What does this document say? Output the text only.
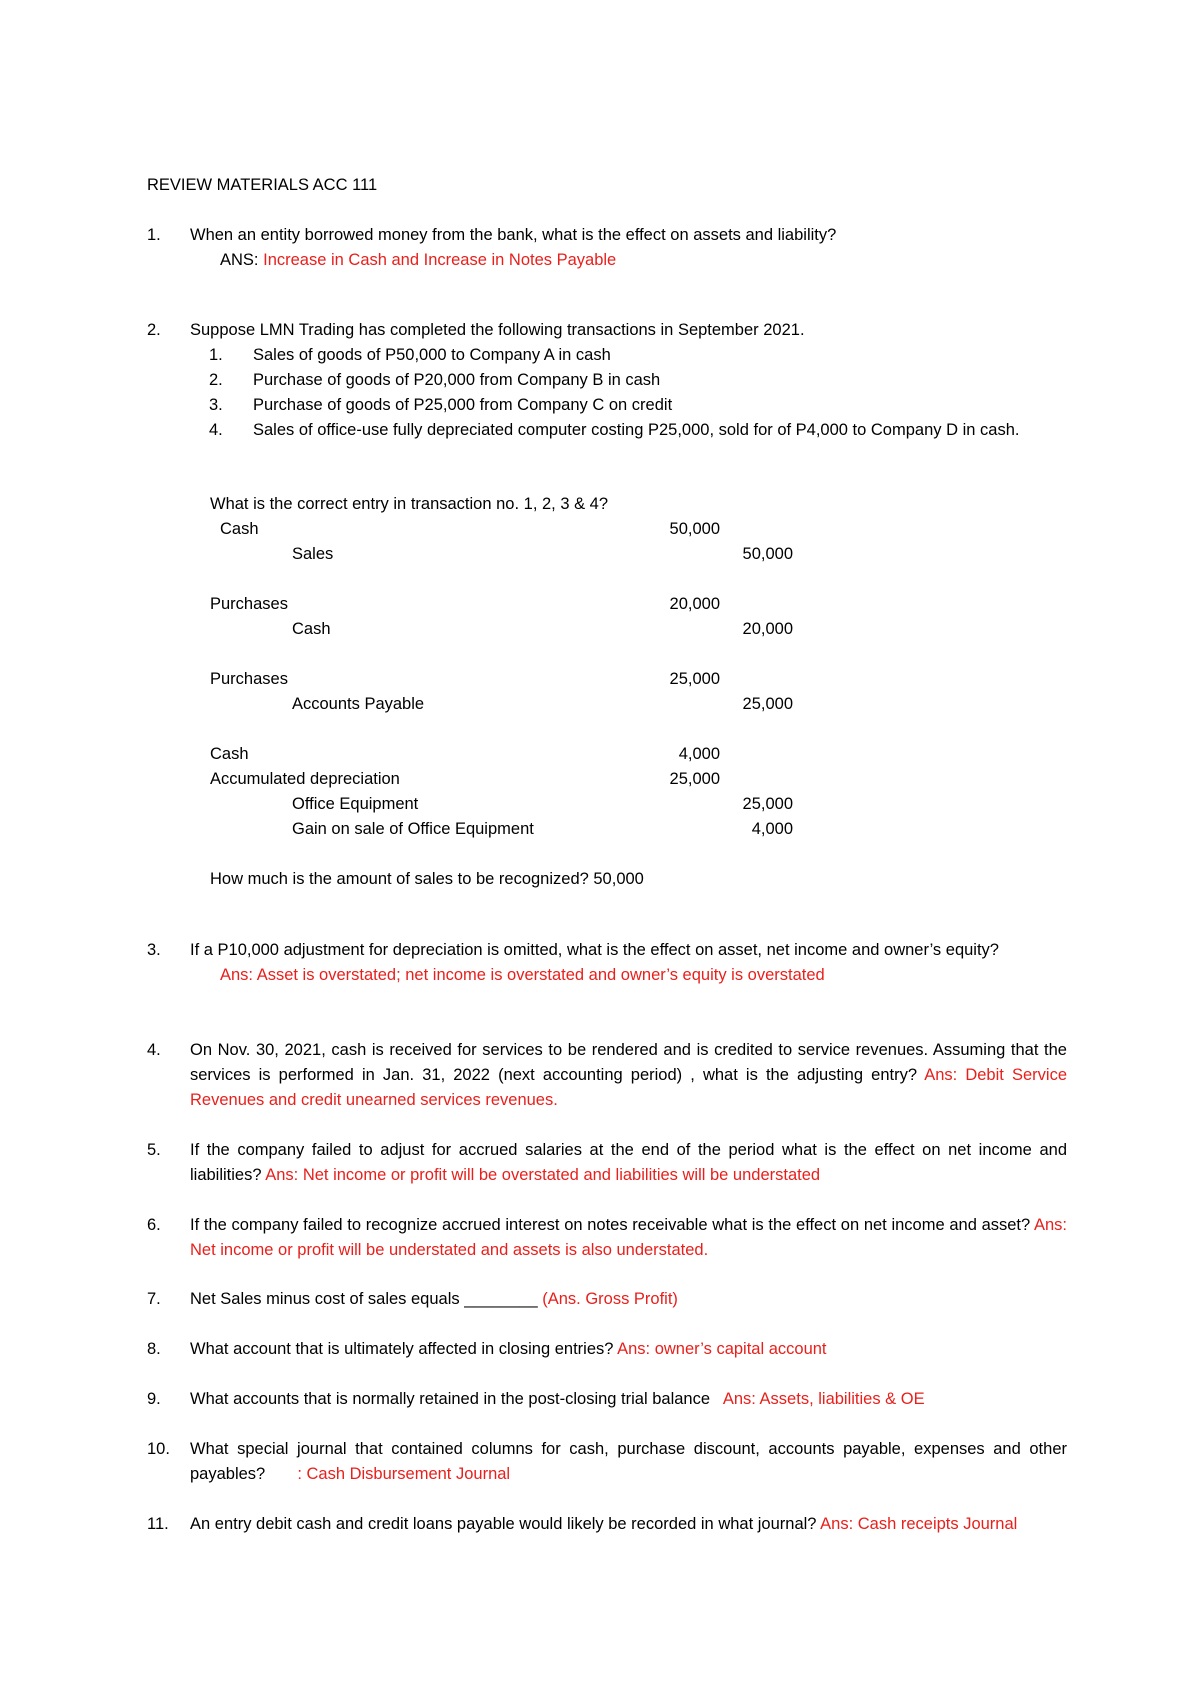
REVIEW MATERIALS ACC 111
1.	When an entity borrowed money from the bank, what is the effect on assets and liability?
ANS: Increase in Cash and Increase in Notes Payable
2.	Suppose LMN Trading has completed the following transactions in September 2021.
1. Sales of goods of P50,000 to Company A in cash
2. Purchase of goods of P20,000 from Company B in cash
3. Purchase of goods of P25,000 from Company C on credit
4. Sales of office-use fully depreciated computer costing P25,000, sold for of P4,000 to Company D in cash.
What is the correct entry in transaction no. 1, 2, 3 & 4?
Cash	50,000
Sales	50,000
Purchases	20,000
Cash	20,000
Purchases	25,000
Accounts Payable	25,000
Cash	4,000
Accumulated depreciation	25,000
Office Equipment	25,000
Gain on sale of Office Equipment	4,000
How much is the amount of sales to be recognized? 50,000
3.	If a P10,000 adjustment for depreciation is omitted, what is the effect on asset, net income and owner’s equity?
Ans: Asset is overstated; net income is overstated and owner’s equity is overstated
4.	On Nov. 30, 2021, cash is received for services to be rendered and is credited to service revenues. Assuming that the services is performed in Jan. 31, 2022 (next accounting period) , what is the adjusting entry? Ans: Debit Service Revenues and credit unearned services revenues.
5.	If the company failed to adjust for accrued salaries at the end of the period what is the effect on net income and liabilities? Ans: Net income or profit will be overstated and liabilities will be understated
6.	If the company failed to recognize accrued interest on notes receivable what is the effect on net income and asset? Ans: Net income or profit will be understated and assets is also understated.
7.	Net Sales minus cost of sales equals ________ (Ans. Gross Profit)
8.	What account that is ultimately affected in closing entries? Ans: owner’s capital account
9.	What accounts that is normally retained in the post-closing trial balance   Ans: Assets, liabilities & OE
10.	What special journal that contained columns for cash, purchase discount, accounts payable, expenses and other payables?       : Cash Disbursement Journal
11.	An entry debit cash and credit loans payable would likely be recorded in what journal? Ans: Cash receipts Journal
